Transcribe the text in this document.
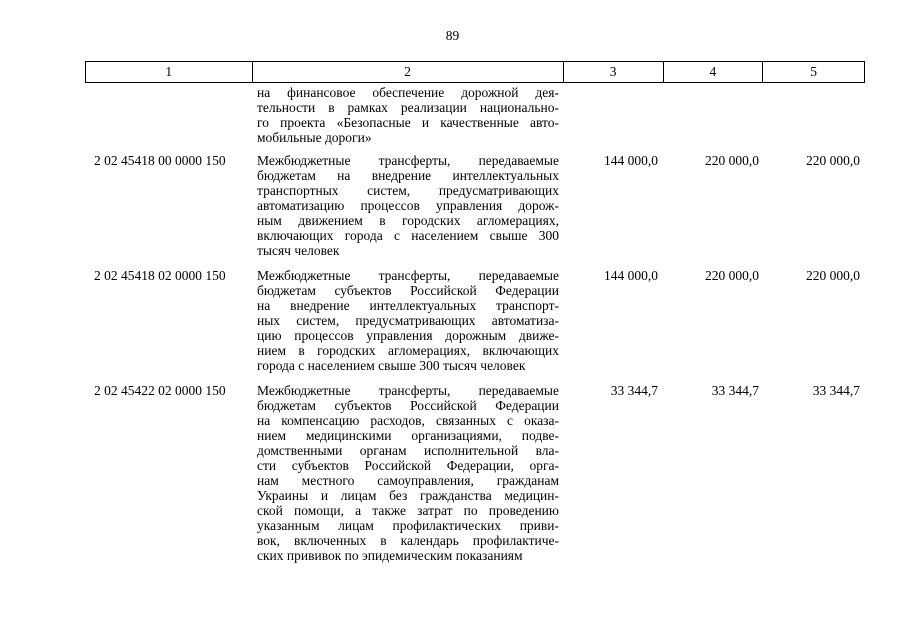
89
1	2	3	4	5
на финансовое обеспечение дорожной дея-
тельности в рамках реализации национально-
го проекта «Безопасные и качественные авто-
мобильные дороги»
2 02 45418 00 0000 150 Межбюджетные трансферты, передаваемые
бюджетам на внедрение интеллектуальных
транспортных систем, предусматривающих
автоматизацию процессов управления дорож-
ным движением в городских агломерациях,
включающих города с населением свыше 300
тысяч человек
144 000,0	220 000,0	220 000,0
2 02 45418 02 0000 150 Межбюджетные трансферты, передаваемые
бюджетам субъектов Российской Федерации
на внедрение интеллектуальных транспорт-
ных систем, предусматривающих автоматиза-
цию процессов управления дорожным движе-
нием в городских агломерациях, включающих
города с населением свыше 300 тысяч человек
144 000,0	220 000,0	220 000,0
2 02 45422 02 0000 150 Межбюджетные трансферты, передаваемые
бюджетам субъектов Российской Федерации
на компенсацию расходов, связанных с оказа-
нием медицинскими организациями, подве-
домственными органам исполнительной вла-
сти субъектов Российской Федерации, орга-
нам местного самоуправления, гражданам
Украины и лицам без гражданства медицин-
ской помощи, а также затрат по проведению
указанным лицам профилактических приви-
вок, включенных в календарь профилактиче-
ских прививок по эпидемическим показаниям
33 344,7	33 344,7	33 344,7
